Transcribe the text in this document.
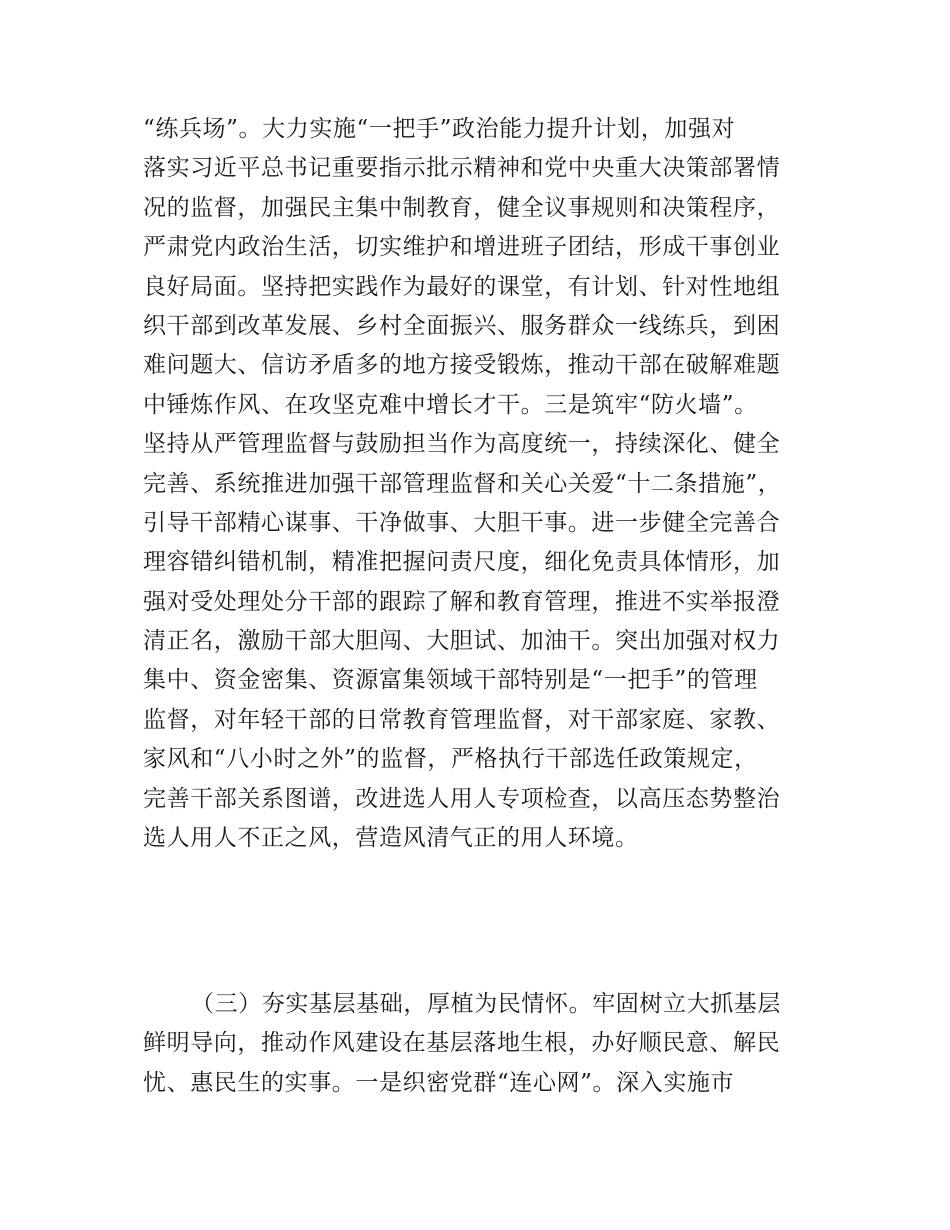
“练兵场”。大力实施“一把手”政治能力提升计划，加强对
落实习近平总书记重要指示批示精神和党中央重大决策部署情
况的监督，加强民主集中制教育，健全议事规则和决策程序，
严肃党内政治生活，切实维护和增进班子团结，形成干事创业
良好局面。坚持把实践作为最好的课堂，有计划、针对性地组
织干部到改革发展、乡村全面振兴、服务群众一线练兵，到困
难问题大、信访矛盾多的地方接受锻炼，推动干部在破解难题
中锤炼作风、在攻坚克难中增长才干。三是筑牢“防火墙”。
坚持从严管理监督与鼓励担当作为高度统一，持续深化、健全
完善、系统推进加强干部管理监督和关心关爱“十二条措施”，
引导干部精心谋事、干净做事、大胆干事。进一步健全完善合
理容错纠错机制，精准把握问责尺度，细化免责具体情形，加
强对受处理处分干部的跟踪了解和教育管理，推进不实举报澄
清正名，激励干部大胆闯、大胆试、加油干。突出加强对权力
集中、资金密集、资源富集领域干部特别是“一把手”的管理
监督，对年轻干部的日常教育管理监督，对干部家庭、家教、
家风和“八小时之外”的监督，严格执行干部选任政策规定，
完善干部关系图谱，改进选人用人专项检查，以高压态势整治
选人用人不正之风，营造风清气正的用人环境。
（三）夯实基层基础，厚植为民情怀。牢固树立大抓基层
鲜明导向，推动作风建设在基层落地生根，办好顺民意、解民
忧、惠民生的实事。一是织密党群“连心网”。深入实施市
